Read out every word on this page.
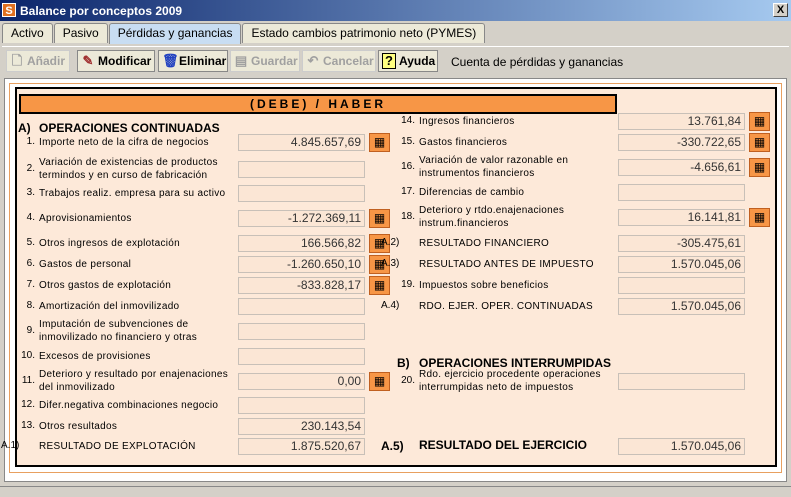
S Balance por conceptos 2009	X
Activo	Pasivo	Pérdidas y ganancias	Estado cambios patrimonio neto (PYMES)
🗋 Añadir	✎ Modificar 🗑 Eliminar ▤ Guardar ↶ Cancelar ? Ayuda Cuenta de pérdidas y ganancias
(DEBE) / HABER
A) OPERACIONES CONTINUADAS
B) OPERACIONES INTERRUMPIDAS
1. Importe neto de la cifra de negocios	4.845.657,69	▦
2.
Variación de existencias de productos termindos y en curso de fabricación
3. Trabajos realiz. empresa para su activo
4. Aprovisionamientos	-1.272.369,11	▦
5. Otros ingresos de explotación	166.566,82	▦
6. Gastos de personal	-1.260.650,10	▦
7. Otros gastos de explotación	-833.828,17	▦
8. Amortización del inmovilizado
9.
Imputación de subvenciones de inmovilizado no financiero y otras
10. Excesos de provisiones
11.
Deterioro y resultado por enajenaciones del inmovilizado	0,00	▦
12. Difer.negativa combinaciones negocio
13. Otros resultados	230.143,54
A.1)	RESULTADO DE EXPLOTACIÓN	1.875.520,67
14. Ingresos financieros	13.761,84	▦
15. Gastos financieros	-330.722,65	▦
16.
Variación de valor razonable en instrumentos financieros	-4.656,61	▦
17. Diferencias de cambio
18.
Deterioro y rtdo.enajenaciones instrum.financieros	16.141,81	▦
A.2)	RESULTADO FINANCIERO	-305.475,61
A.3)	RESULTADO ANTES DE IMPUESTO	1.570.045,06
19. Impuestos sobre beneficios
A.4)	RDO. EJER. OPER. CONTINUADAS	1.570.045,06
20.
Rdo. ejercicio procedente operaciones interrumpidas neto de impuestos
A.5) RESULTADO DEL EJERCICIO	1.570.045,06
